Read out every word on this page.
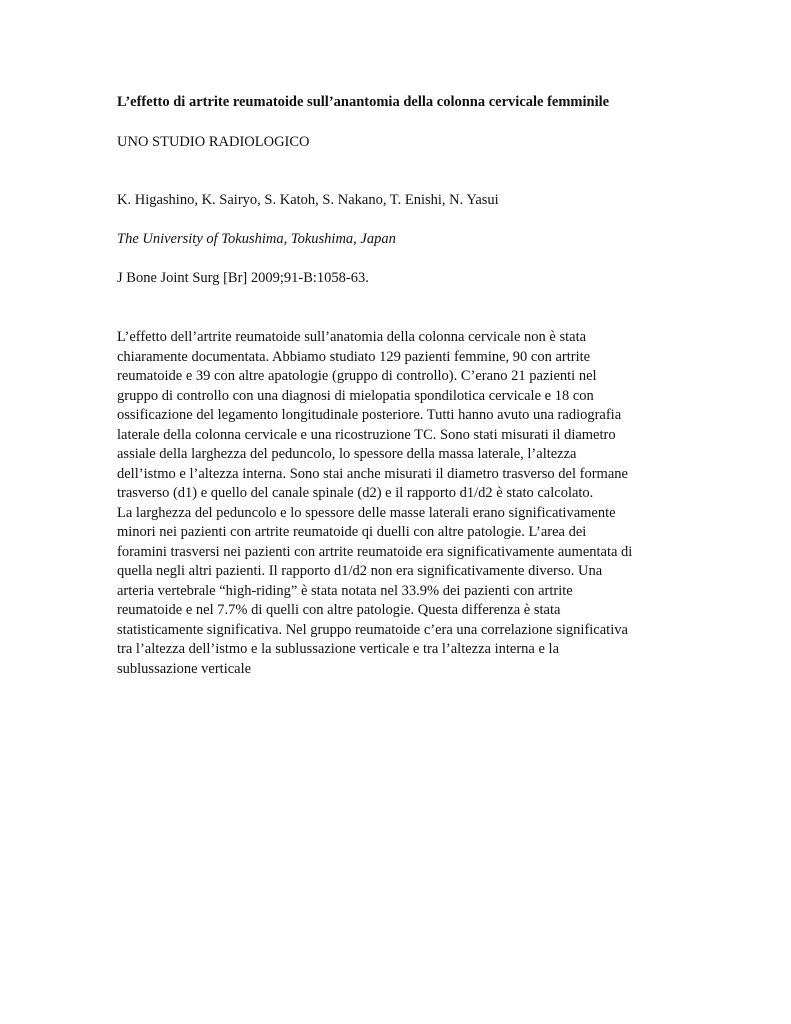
L’effetto di artrite reumatoide sull’anantomia della colonna cervicale femminile
UNO STUDIO RADIOLOGICO
K. Higashino, K. Sairyo, S. Katoh, S. Nakano, T. Enishi, N. Yasui
The University of Tokushima, Tokushima, Japan
J Bone Joint Surg [Br] 2009;91-B:1058-63.
L’effetto dell’artrite reumatoide sull’anatomia della colonna cervicale non è stata
chiaramente documentata. Abbiamo studiato 129 pazienti femmine, 90 con artrite
reumatoide e 39 con altre apatologie (gruppo di controllo). C’erano 21 pazienti nel
gruppo di controllo con una diagnosi di mielopatia spondilotica cervicale e 18 con
ossificazione del legamento longitudinale posteriore. Tutti hanno avuto una radiografia
laterale della colonna cervicale e una ricostruzione TC. Sono stati misurati il diametro
assiale della larghezza del peduncolo, lo spessore della massa laterale, l’altezza
dell’istmo e l’altezza interna. Sono stai anche misurati il diametro trasverso del formane
trasverso (d1) e quello del canale spinale (d2) e il rapporto d1/d2 è stato calcolato.
La larghezza del peduncolo e lo spessore delle masse laterali erano significativamente
minori nei pazienti con artrite reumatoide qi duelli con altre patologie. L’area dei
foramini trasversi nei pazienti con artrite reumatoide era significativamente aumentata di
quella negli altri pazienti. Il rapporto d1/d2 non era significativamente diverso. Una
arteria vertebrale “high-riding” è stata notata nel 33.9% dei pazienti con artrite
reumatoide e nel 7.7% di quelli con altre patologie. Questa differenza è stata
statisticamente significativa. Nel gruppo reumatoide c’era una correlazione significativa
tra l’altezza dell’istmo e la sublussazione verticale e tra l’altezza interna e la
sublussazione verticale
